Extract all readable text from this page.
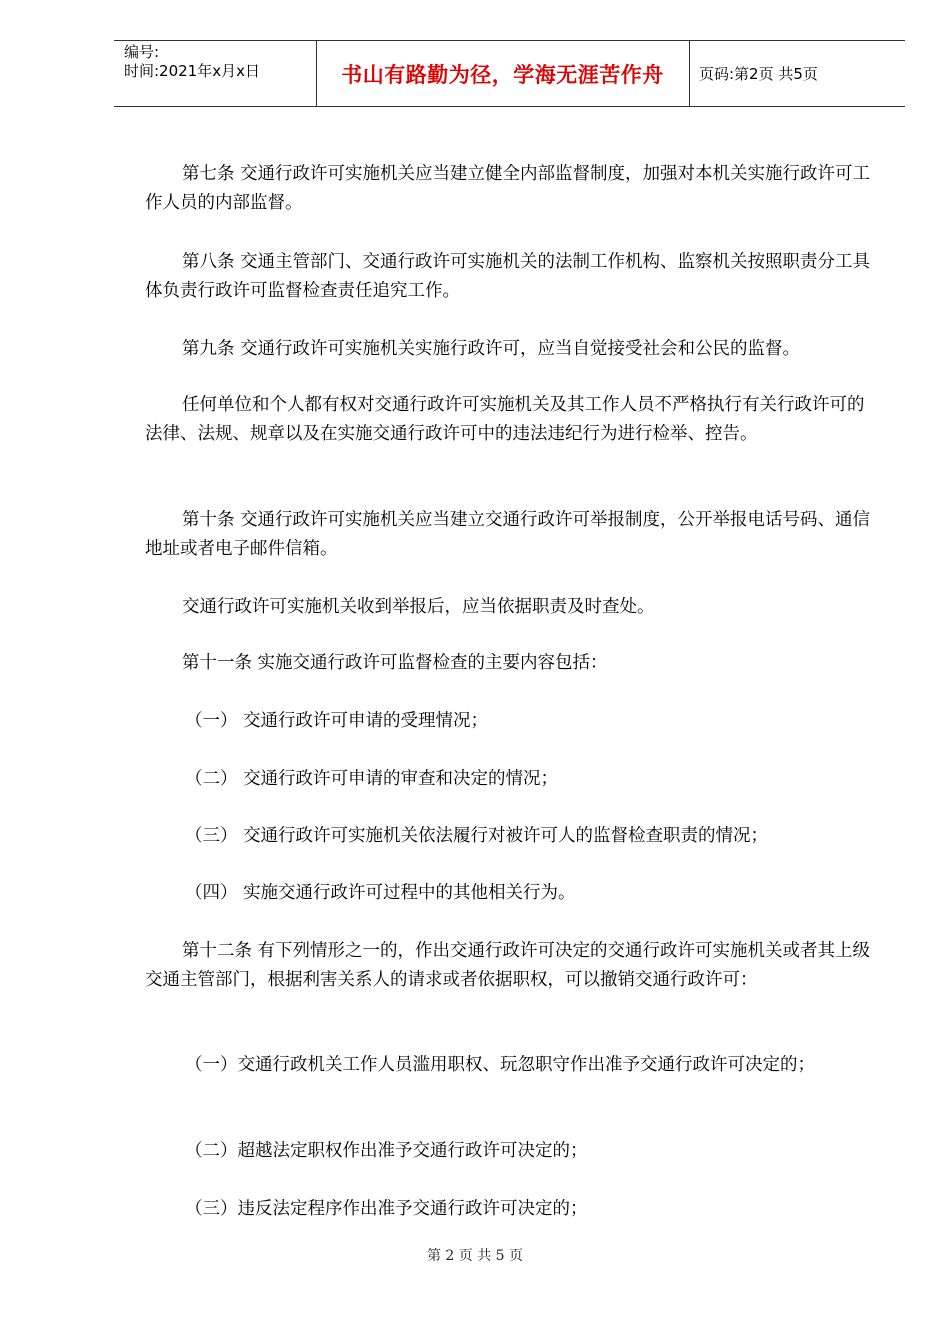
编号:
时间:2021年x月x日	书山有路勤为径，学海无涯苦作舟	页码:第2页 共5页

第七条 交通行政许可实施机关应当建立健全内部监督制度，加强对本机关实施行政许可工作人员的内部监督。

第八条 交通主管部门、交通行政许可实施机关的法制工作机构、监察机关按照职责分工具体负责行政许可监督检查责任追究工作。

第九条 交通行政许可实施机关实施行政许可，应当自觉接受社会和公民的监督。

任何单位和个人都有权对交通行政许可实施机关及其工作人员不严格执行有关行政许可的法律、法规、规章以及在实施交通行政许可中的违法违纪行为进行检举、控告。

第十条 交通行政许可实施机关应当建立交通行政许可举报制度，公开举报电话号码、通信地址或者电子邮件信箱。

交通行政许可实施机关收到举报后，应当依据职责及时查处。

第十一条 实施交通行政许可监督检查的主要内容包括：

（一） 交通行政许可申请的受理情况；

（二） 交通行政许可申请的审查和决定的情况；

（三） 交通行政许可实施机关依法履行对被许可人的监督检查职责的情况；

（四） 实施交通行政许可过程中的其他相关行为。

第十二条 有下列情形之一的，作出交通行政许可决定的交通行政许可实施机关或者其上级交通主管部门，根据利害关系人的请求或者依据职权，可以撤销交通行政许可：

（一）交通行政机关工作人员滥用职权、玩忽职守作出准予交通行政许可决定的；

（二）超越法定职权作出准予交通行政许可决定的；

（三）违反法定程序作出准予交通行政许可决定的；

第 2 页 共 5 页
